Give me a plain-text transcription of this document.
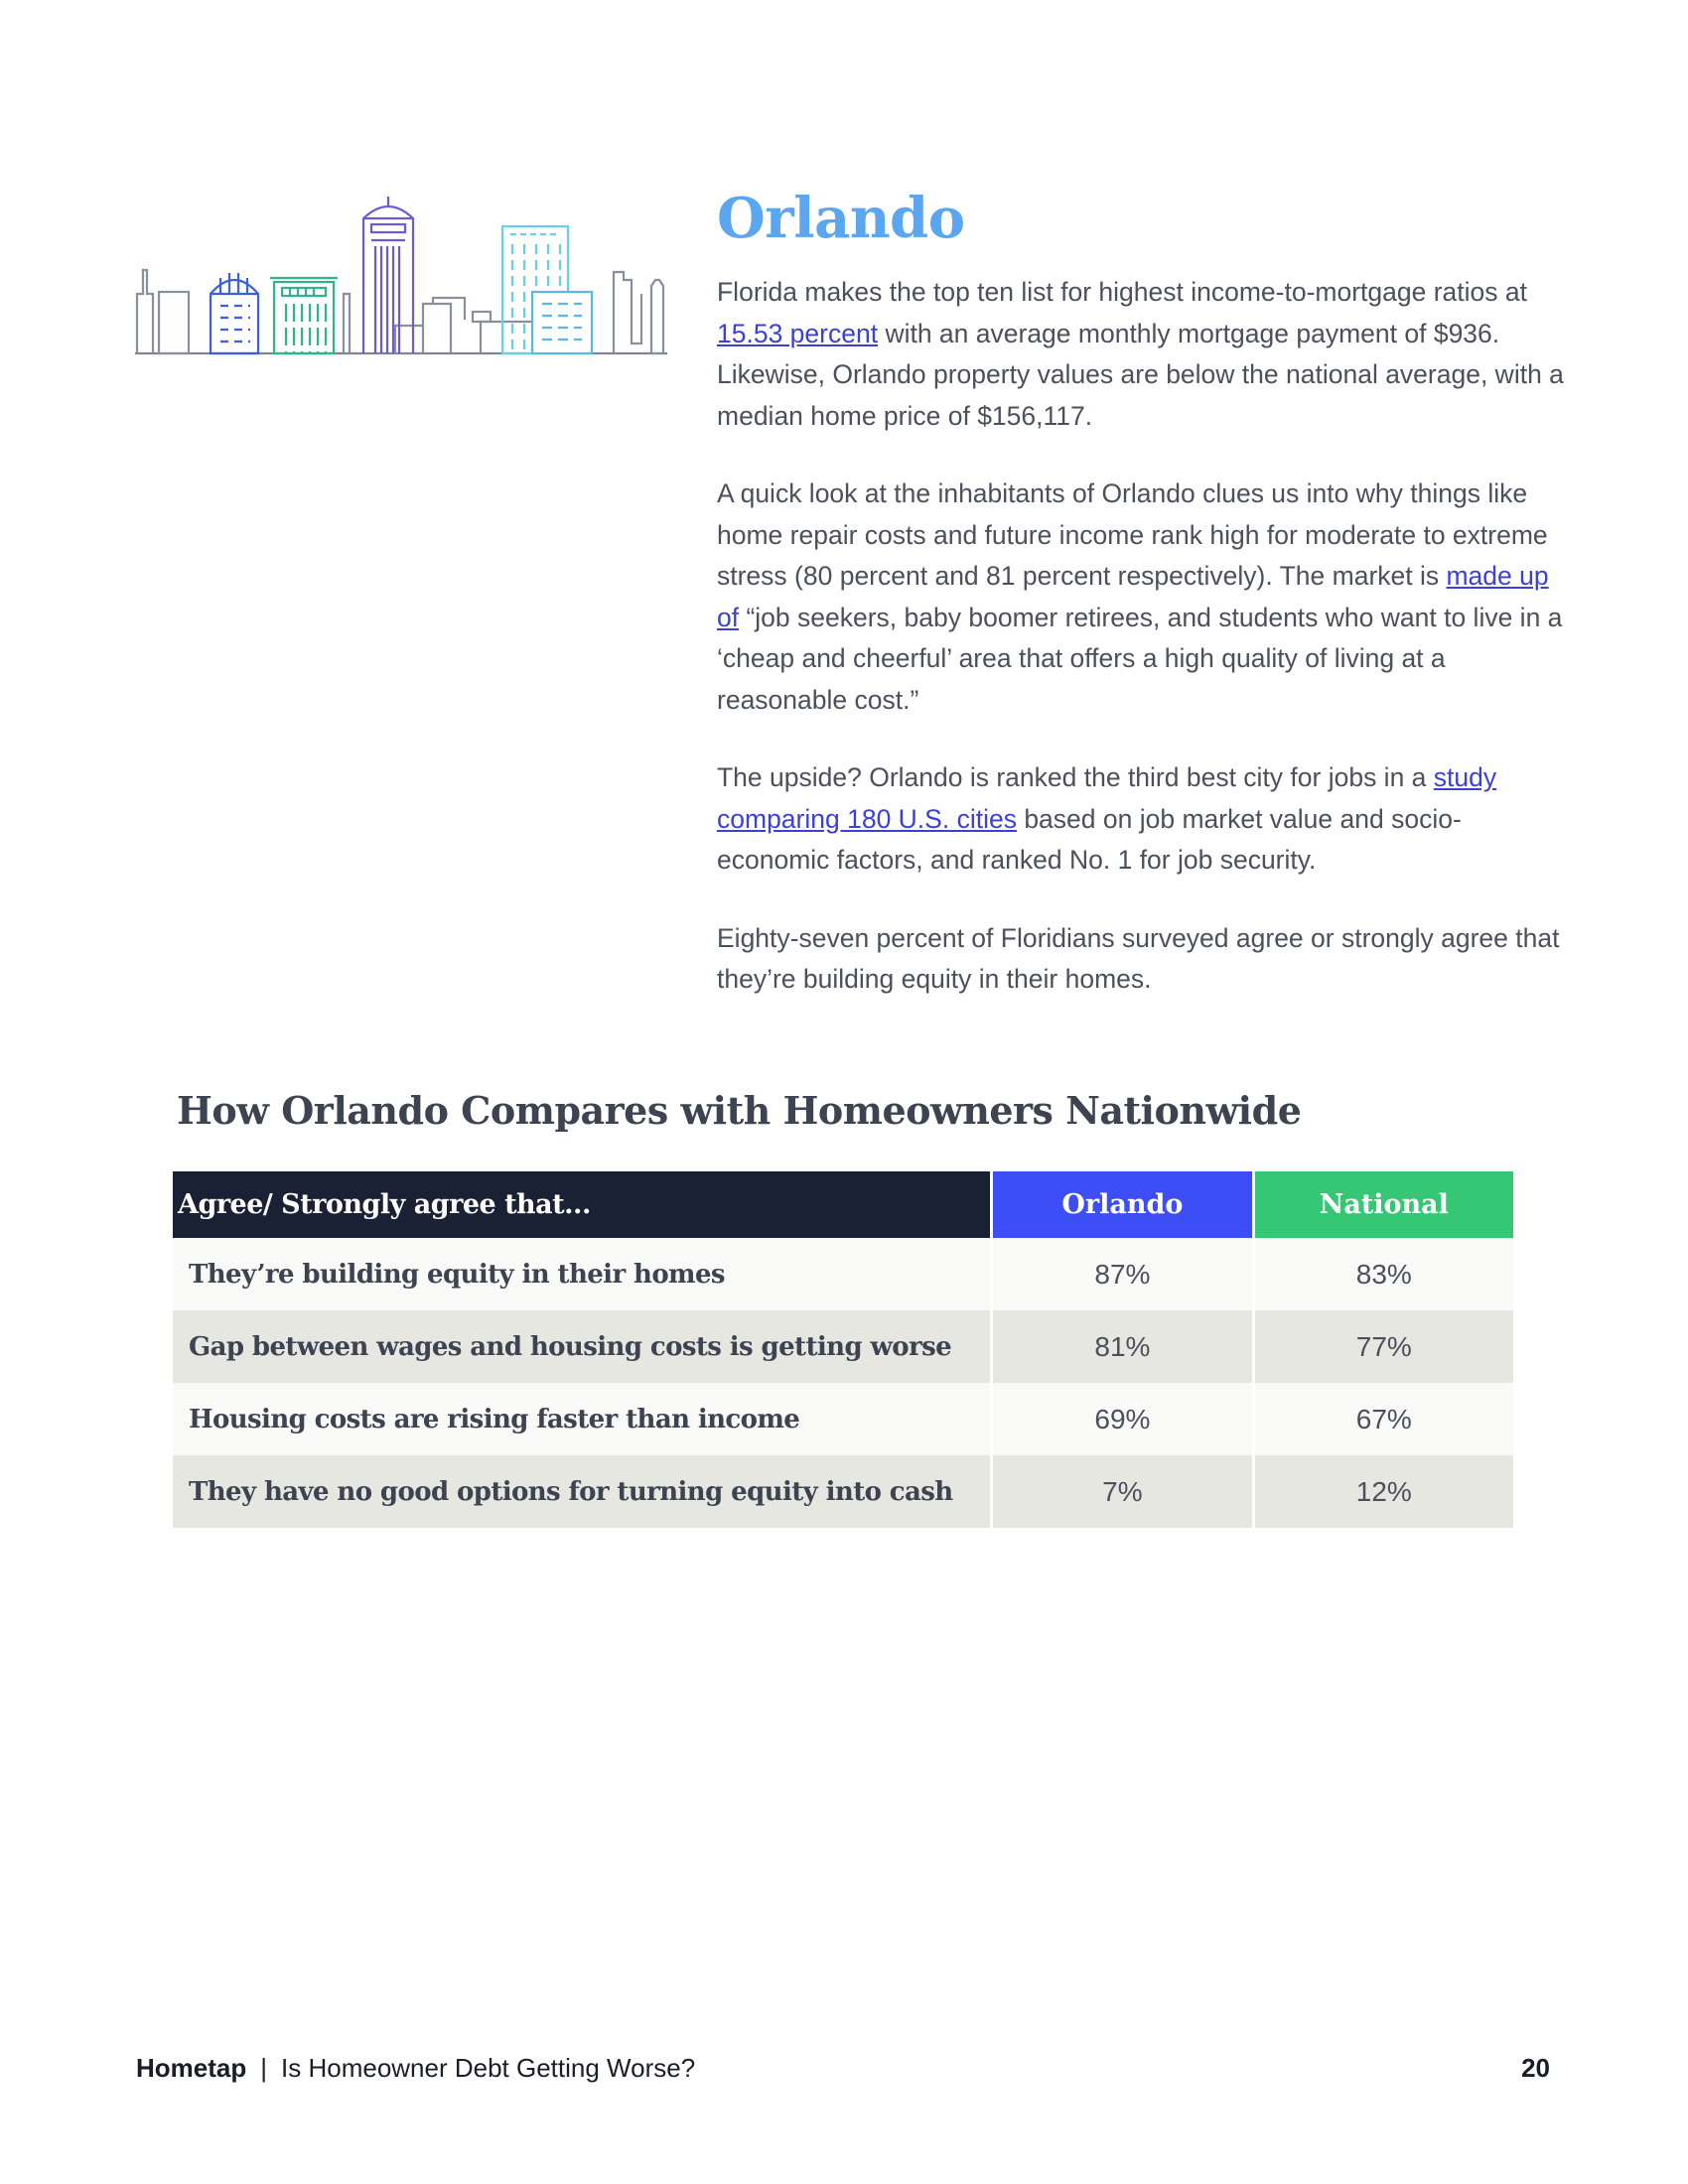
Orlando

Florida makes the top ten list for highest income-to-mortgage ratios at 15.53 percent with an average monthly mortgage payment of $936. Likewise, Orlando property values are below the national average, with a median home price of $156,117.

A quick look at the inhabitants of Orlando clues us into why things like home repair costs and future income rank high for moderate to extreme stress (80 percent and 81 percent respectively). The market is made up of “job seekers, baby boomer retirees, and students who want to live in a ‘cheap and cheerful’ area that offers a high quality of living at a reasonable cost.”

The upside? Orlando is ranked the third best city for jobs in a study comparing 180 U.S. cities based on job market value and socio-economic factors, and ranked No. 1 for job security.

Eighty-seven percent of Floridians surveyed agree or strongly agree that they’re building equity in their homes.

How Orlando Compares with Homeowners Nationwide
Agree/ Strongly agree that...	Orlando	National
They’re building equity in their homes	87%	83%
Gap between wages and housing costs is getting worse	81%	77%
Housing costs are rising faster than income	69%	67%
They have no good options for turning equity into cash	7%	12%
Hometap | Is Homeowner Debt Getting Worse?	20
